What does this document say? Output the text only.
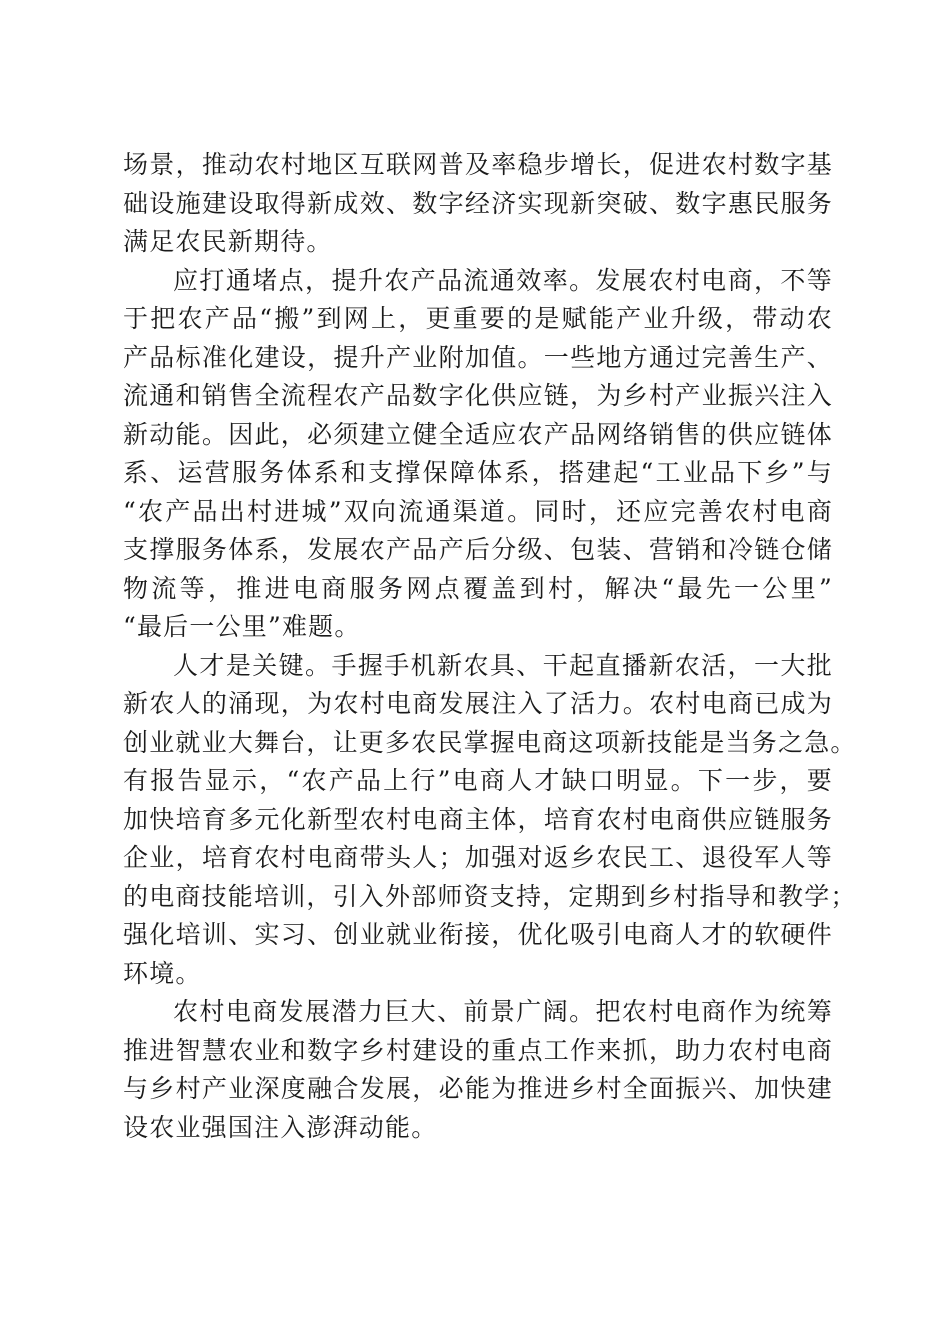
场景，推动农村地区互联网普及率稳步增长，促进农村数字基
础设施建设取得新成效、数字经济实现新突破、数字惠民服务
满足农民新期待。
应打通堵点，提升农产品流通效率。发展农村电商，不等
于把农产品“搬”到网上，更重要的是赋能产业升级，带动农
产品标准化建设，提升产业附加值。一些地方通过完善生产、
流通和销售全流程农产品数字化供应链，为乡村产业振兴注入
新动能。因此，必须建立健全适应农产品网络销售的供应链体
系、运营服务体系和支撑保障体系，搭建起“工业品下乡”与
“农产品出村进城”双向流通渠道。同时，还应完善农村电商
支撑服务体系，发展农产品产后分级、包装、营销和冷链仓储
物流等，推进电商服务网点覆盖到村，解决“最先一公里”
“最后一公里”难题。
人才是关键。手握手机新农具、干起直播新农活，一大批
新农人的涌现，为农村电商发展注入了活力。农村电商已成为
创业就业大舞台，让更多农民掌握电商这项新技能是当务之急。
有报告显示，“农产品上行”电商人才缺口明显。下一步，要
加快培育多元化新型农村电商主体，培育农村电商供应链服务
企业，培育农村电商带头人；加强对返乡农民工、退役军人等
的电商技能培训，引入外部师资支持，定期到乡村指导和教学；
强化培训、实习、创业就业衔接，优化吸引电商人才的软硬件
环境。
农村电商发展潜力巨大、前景广阔。把农村电商作为统筹
推进智慧农业和数字乡村建设的重点工作来抓，助力农村电商
与乡村产业深度融合发展，必能为推进乡村全面振兴、加快建
设农业强国注入澎湃动能。
